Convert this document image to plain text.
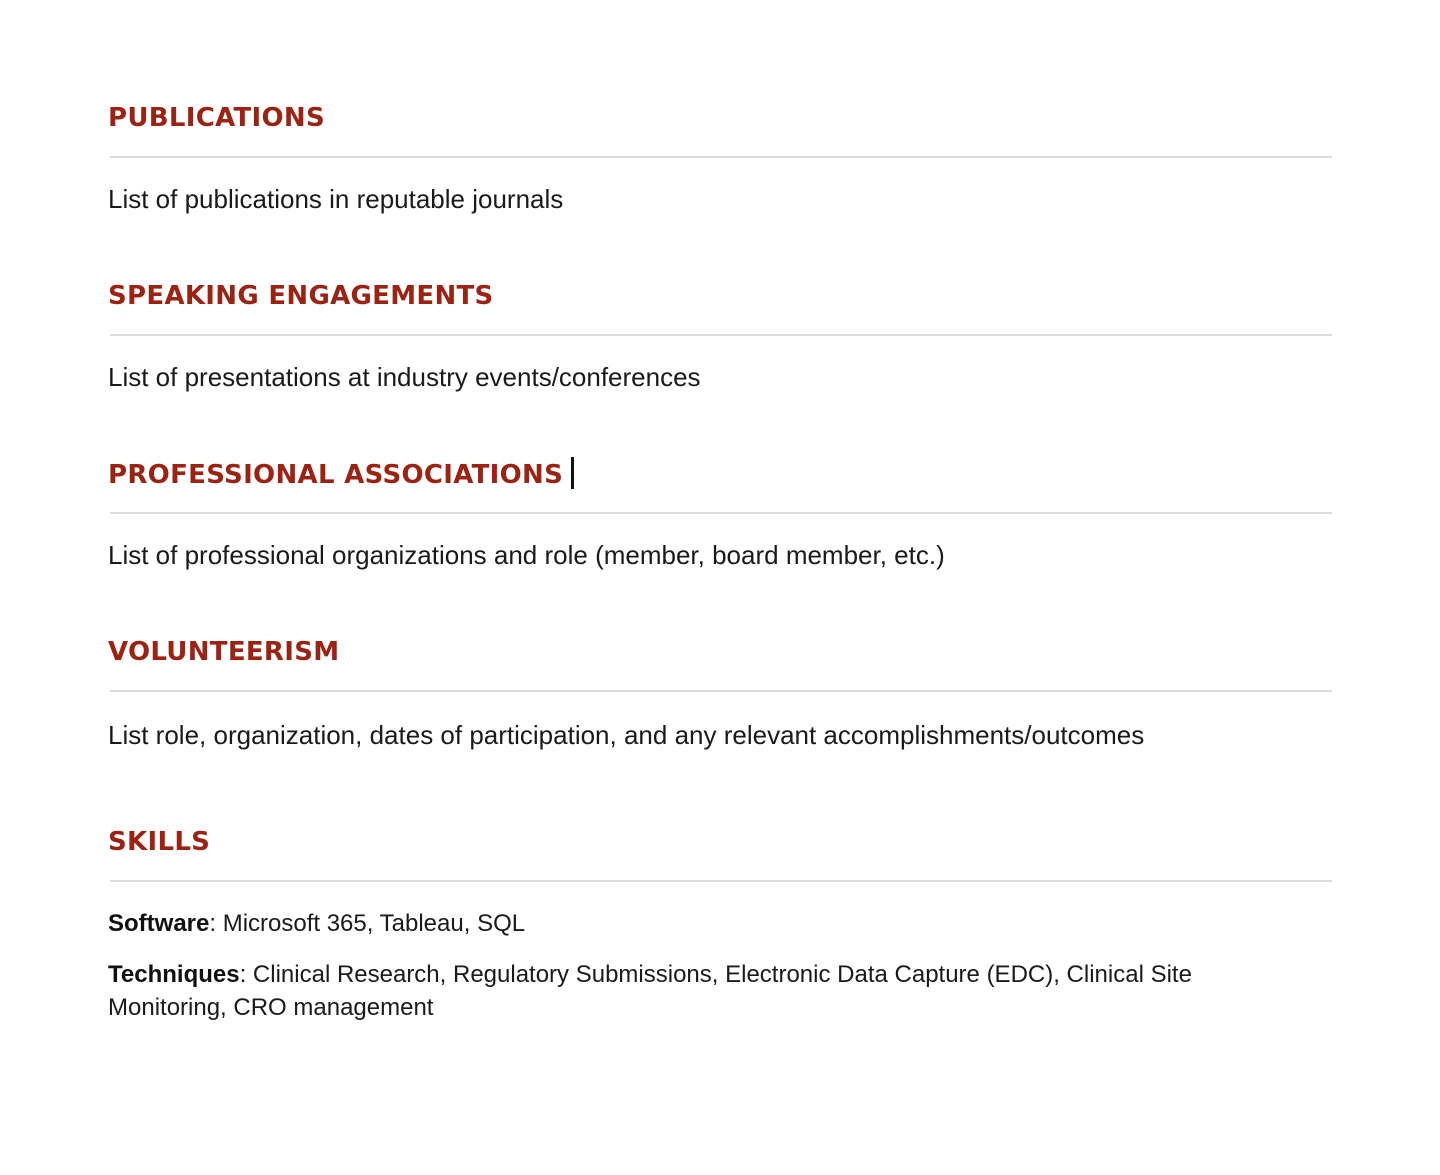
PUBLICATIONS

List of publications in reputable journals

SPEAKING ENGAGEMENTS

List of presentations at industry events/conferences

PROFESSIONAL ASSOCIATIONS

List of professional organizations and role (member, board member, etc.)

VOLUNTEERISM

List role, organization, dates of participation, and any relevant accomplishments/outcomes

SKILLS

Software: Microsoft 365, Tableau, SQL

Techniques: Clinical Research, Regulatory Submissions, Electronic Data Capture (EDC), Clinical Site Monitoring, CRO management
